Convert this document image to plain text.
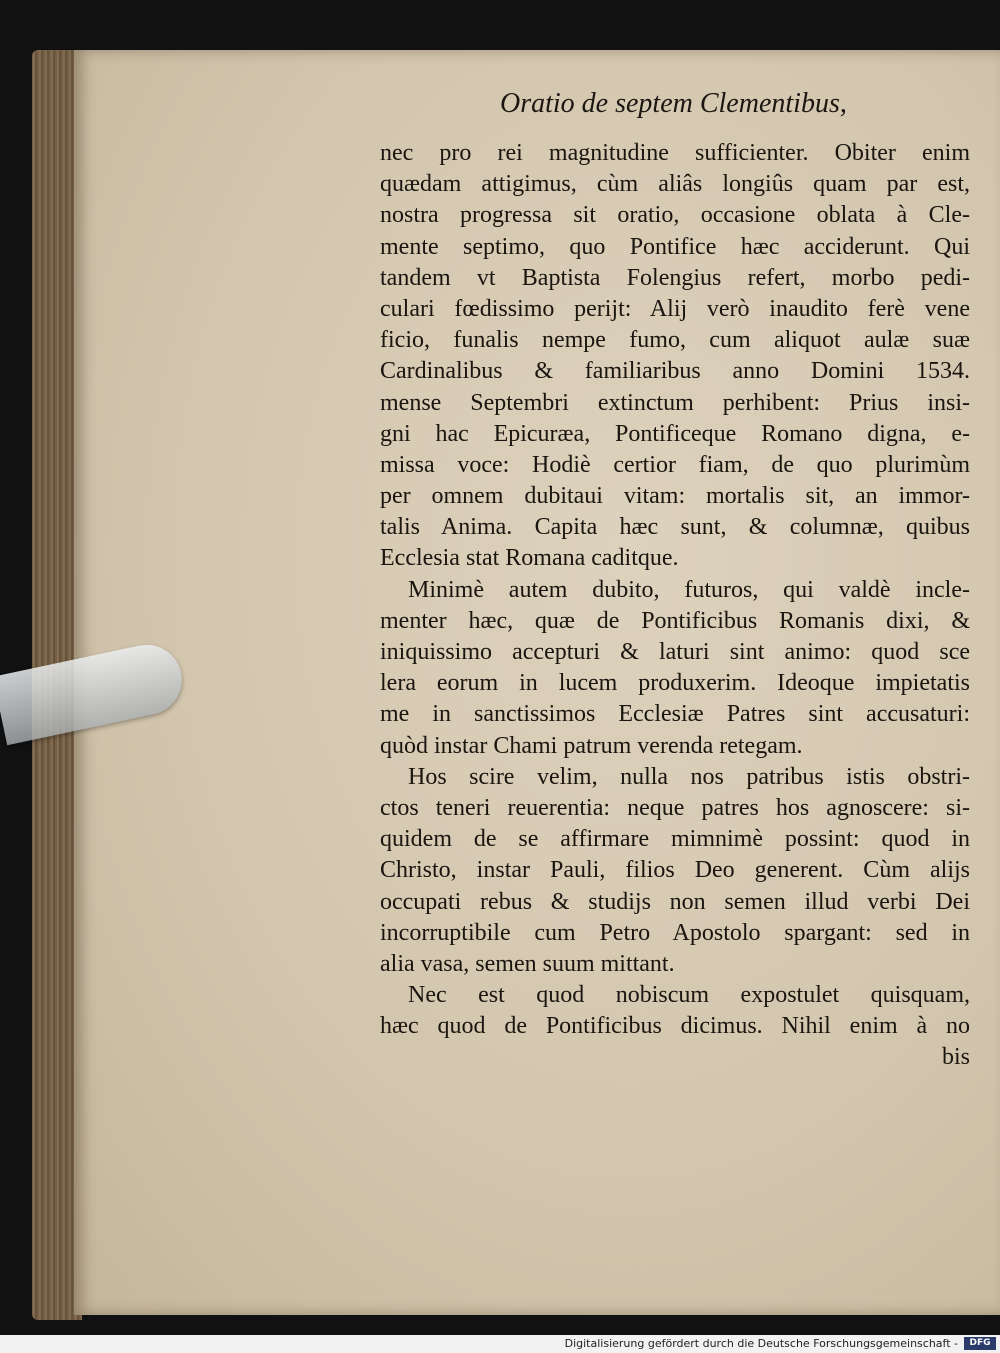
Oratio de septem Clementibus,
nec pro rei magnitudine sufficienter. Obiter enim
quædam attigimus, cùm aliâs longiûs quam par est,
nostra progressa sit oratio, occasione oblata à Cle-
mente septimo, quo Pontifice hæc acciderunt. Qui
tandem vt Baptista Folengius refert, morbo pedi-
culari fœdissimo perijt: Alij verò inaudito ferè vene
ficio, funalis nempe fumo, cum aliquot aulæ suæ
Cardinalibus & familiaribus anno Domini 1534.
mense Septembri extinctum perhibent: Prius insi-
gni hac Epicuræa, Pontificeque Romano digna, e-
missa voce: Hodiè certior fiam, de quo plurimùm
per omnem dubitaui vitam: mortalis sit, an immor-
talis Anima. Capita hæc sunt, & columnæ, quibus
Ecclesia stat Romana caditque.
Minimè autem dubito, futuros, qui valdè incle-
menter hæc, quæ de Pontificibus Romanis dixi, &
iniquissimo accepturi & laturi sint animo: quod sce
lera eorum in lucem produxerim. Ideoque impietatis
me in sanctissimos Ecclesiæ Patres sint accusaturi:
quòd instar Chami patrum verenda retegam.
Hos scire velim, nulla nos patribus istis obstri-
ctos teneri reuerentia: neque patres hos agnoscere: si-
quidem de se affirmare mimnimè possint: quod in
Christo, instar Pauli, filios Deo generent. Cùm alijs
occupati rebus & studijs non semen illud verbi Dei
incorruptibile cum Petro Apostolo spargant: sed in
alia vasa, semen suum mittant.
Nec est quod nobiscum expostulet quisquam,
hæc quod de Pontificibus dicimus. Nihil enim à no
bis
Digitalisierung gefördert durch die Deutsche Forschungsgemeinschaft -	DFG
